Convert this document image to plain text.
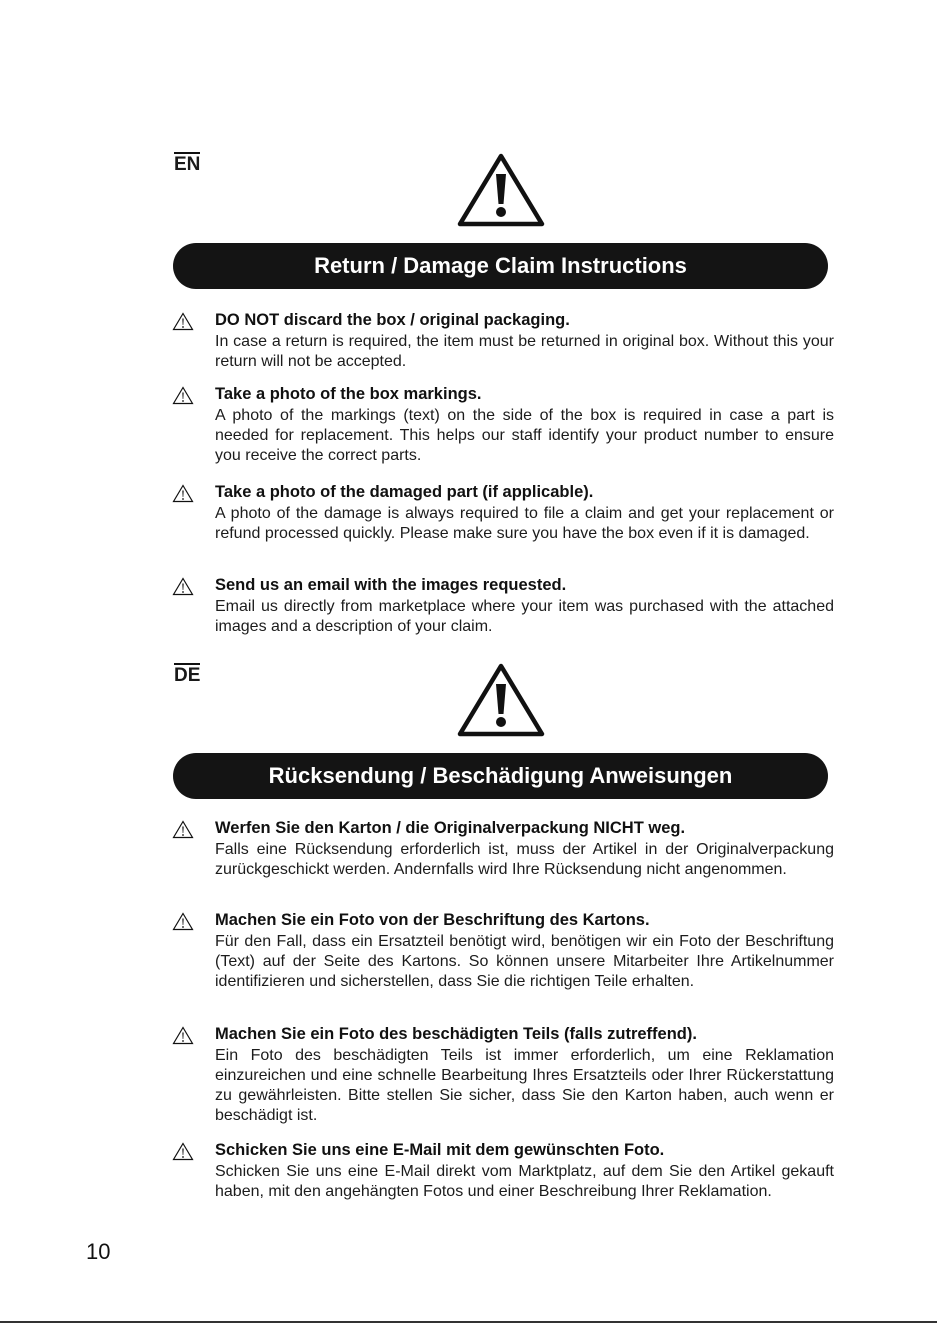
EN
Return / Damage Claim Instructions
DO NOT discard the box / original packaging.
In case a return is required, the item must be returned in original box. Without this your return will not be accepted.
Take a photo of the box markings.
A photo of the markings (text) on the side of the box is required in case a part is needed for replacement. This helps our staff identify your product number to ensure you receive the correct parts.
Take a photo of the damaged part (if applicable).
A photo of the damage is always required to file a claim and get your replacement or refund processed quickly. Please make sure you have the box even if it is damaged.
Send us an email with the images requested.
Email us directly from marketplace where your item was purchased with the attached images and a description of your claim.
DE
Rücksendung / Beschädigung Anweisungen
Werfen Sie den Karton / die Originalverpackung NICHT weg.
Falls eine Rücksendung erforderlich ist, muss der Artikel in der Originalverpackung zurückgeschickt werden. Andernfalls wird Ihre Rücksendung nicht angenommen.
Machen Sie ein Foto von der Beschriftung des Kartons.
Für den Fall, dass ein Ersatzteil benötigt wird, benötigen wir ein Foto der Beschriftung (Text) auf der Seite des Kartons. So können unsere Mitarbeiter Ihre Artikelnummer identifizieren und sicherstellen, dass Sie die richtigen Teile erhalten.
Machen Sie ein Foto des beschädigten Teils (falls zutreffend).
Ein Foto des beschädigten Teils ist immer erforderlich, um eine Reklamation einzureichen und eine schnelle Bearbeitung Ihres Ersatzteils oder Ihrer Rückerstattung zu gewährleisten. Bitte stellen Sie sicher, dass Sie den Karton haben, auch wenn er beschädigt ist.
Schicken Sie uns eine E-Mail mit dem gewünschten Foto.
Schicken Sie uns eine E-Mail direkt vom Marktplatz, auf dem Sie den Artikel gekauft haben, mit den angehängten Fotos und einer Beschreibung Ihrer Reklamation.
10
